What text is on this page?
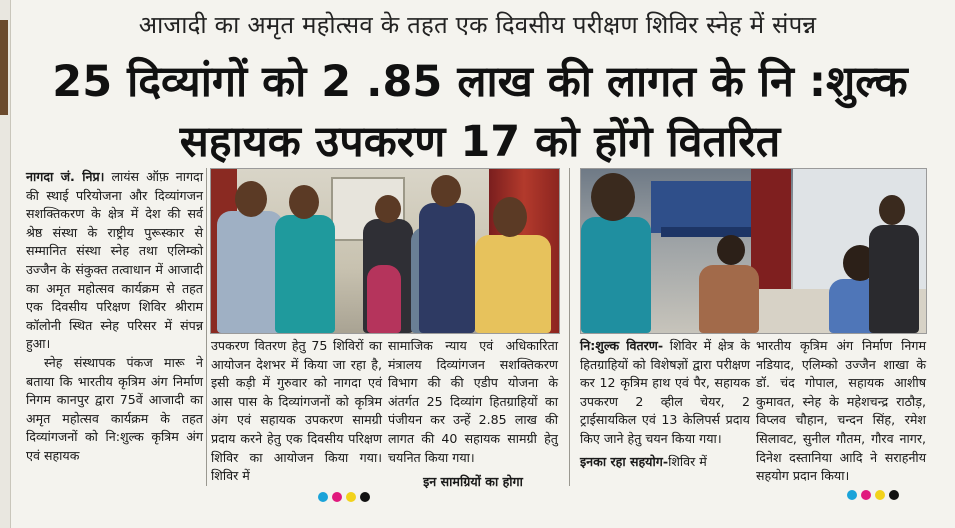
आजादी का अमृत महोत्सव के तहत एक दिवसीय परीक्षण शिविर स्नेह में संपन्न
25 दिव्यांगों को 2 .85 लाख की लागत के नि :शुल्क
सहायक उपकरण 17 को होंगे वितरित

नागदा जं. निप्र। लायंस ऑफ़ नागदा की स्थाई परियोजना और दिव्यांगजन सशक्तिकरण के क्षेत्र में देश की सर्व श्रेष्ठ संस्था के राष्ट्रीय पुरूस्कार से सम्मानित संस्था स्नेह तथा एलिम्को उज्जैन के संकुक्त तत्वाधान में आजादी का अमृत महोत्सव कार्यक्रम से तहत एक दिवसीय परिक्षण शिविर श्रीराम कॉलोनी स्थित स्नेह परिसर में संपन्न हुआ।

स्नेह संस्थापक पंकज मारू ने बताया कि भारतीय कृत्रिम अंग निर्माण निगम कानपुर द्वारा 75वें आजादी का अमृत महोत्सव कार्यक्रम के तहत दिव्यांगजनों को नि:शुल्क कृत्रिम अंग एवं सहायक

उपकरण वितरण हेतु 75 शिविरों का आयोजन देशभर में किया जा रहा है, इसी कड़ी में गुरुवार को नागदा एवं आस पास के दिव्यांगजनों को कृत्रिम अंग एवं सहायक उपकरण सामग्री प्रदाय करने हेतु एक दिवसीय परिक्षण शिविर का आयोजन किया गया। शिविर में

सामाजिक न्याय एवं अधिकारिता मंत्रालय दिव्यांगजन सशक्तिकरण विभाग की की एडीप योजना के अंतर्गत 25 दिव्यांग हितग्राहियों का पंजीयन कर उन्हें 2.85 लाख की लागत की 40 सहायक सामग्री हेतु चयनित किया गया।

इन सामग्रियों का होगा

नि:शुल्क वितरण- शिविर में क्षेत्र के हितग्राहियों को विशेषज्ञों द्वारा परीक्षण कर 12 कृत्रिम हाथ एवं पैर, सहायक उपकरण 2 व्हील चेयर, 2 ट्राईसायकिल एवं 13 केलिपर्स प्रदाय किए जाने हेतु चयन किया गया।

इनका रहा सहयोग-शिविर में

भारतीय कृत्रिम अंग निर्माण निगम नडियाद, एलिम्को उज्जैन शाखा के डॉ. चंद गोपाल, सहायक आशीष कुमावत, स्नेह के महेशचन्द्र राठौड़, विप्लव चौहान, चन्दन सिंह, रमेश सिलावट, सुनील गौतम, गौरव नागर, दिनेश दस्तानिया आदि ने सराहनीय सहयोग प्रदान किया।
